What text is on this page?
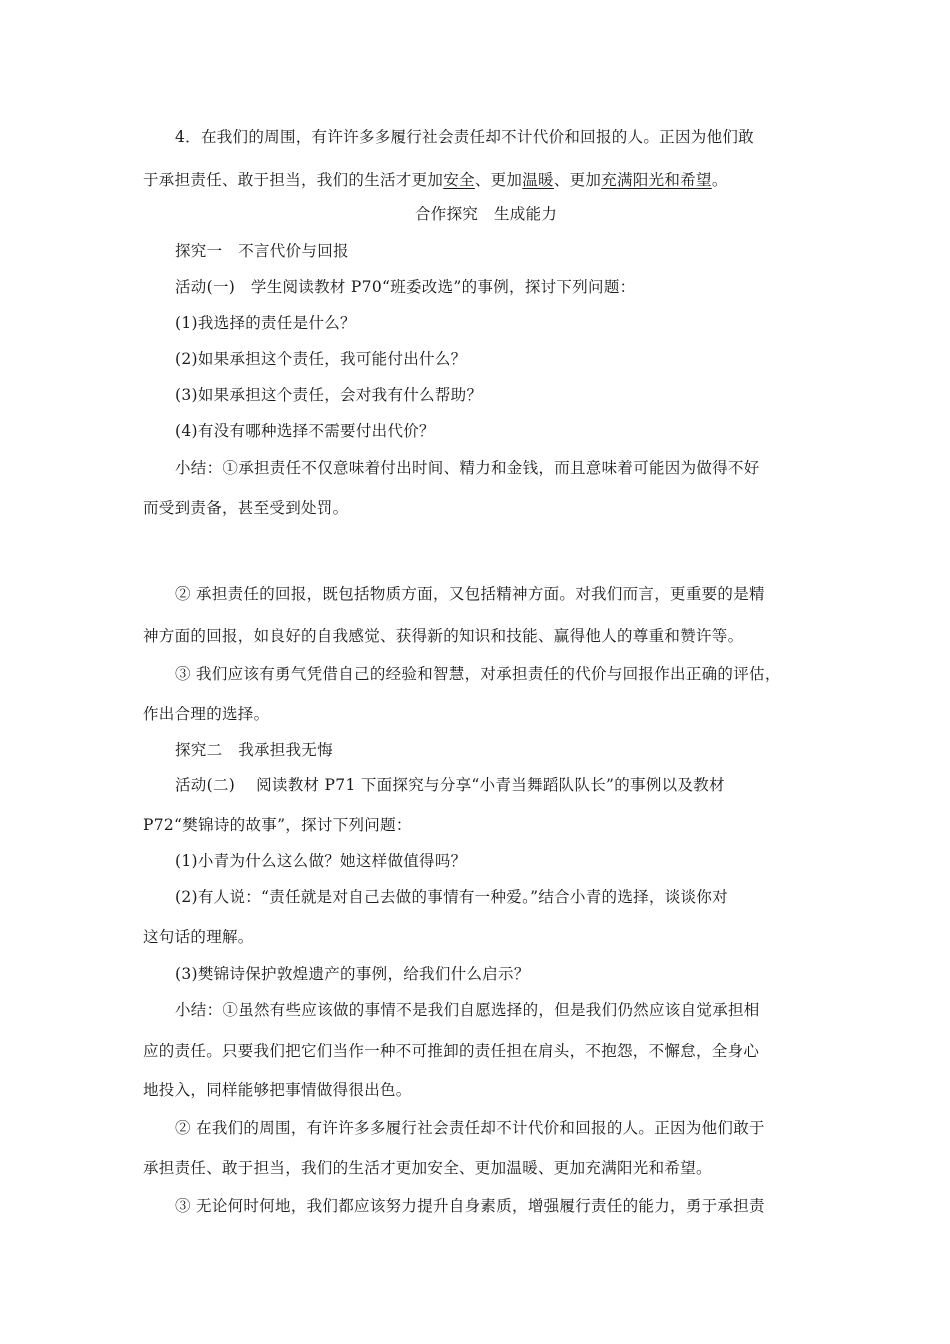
4．在我们的周围，有许许多多履行社会责任却不计代价和回报的人。正因为他们敢
于承担责任、敢于担当，我们的生活才更加安全、更加温暖、更加充满阳光和希望。
合作探究　生成能力
探究一　不言代价与回报
活动(一)　学生阅读教材 P70“班委改选”的事例，探讨下列问题：
(1)我选择的责任是什么？
(2)如果承担这个责任，我可能付出什么？
(3)如果承担这个责任，会对我有什么帮助？
(4)有没有哪种选择不需要付出代价？
小结：①承担责任不仅意味着付出时间、精力和金钱，而且意味着可能因为做得不好
而受到责备，甚至受到处罚。
② 承担责任的回报，既包括物质方面，又包括精神方面。对我们而言，更重要的是精
神方面的回报，如良好的自我感觉、获得新的知识和技能、赢得他人的尊重和赞许等。
③ 我们应该有勇气凭借自己的经验和智慧，对承担责任的代价与回报作出正确的评估，
作出合理的选择。
探究二　我承担我无悔
活动(二)　 阅读教材 P71 下面探究与分享“小青当舞蹈队队长”的事例以及教材
P72“樊锦诗的故事”，探讨下列问题：
(1)小青为什么这么做？她这样做值得吗？
(2)有人说：“责任就是对自己去做的事情有一种爱。”结合小青的选择，谈谈你对
这句话的理解。
(3)樊锦诗保护敦煌遗产的事例，给我们什么启示？
小结：①虽然有些应该做的事情不是我们自愿选择的，但是我们仍然应该自觉承担相
应的责任。只要我们把它们当作一种不可推卸的责任担在肩头，不抱怨，不懈怠，全身心
地投入，同样能够把事情做得很出色。
② 在我们的周围，有许许多多履行社会责任却不计代价和回报的人。正因为他们敢于
承担责任、敢于担当，我们的生活才更加安全、更加温暖、更加充满阳光和希望。
③ 无论何时何地，我们都应该努力提升自身素质，增强履行责任的能力，勇于承担责
